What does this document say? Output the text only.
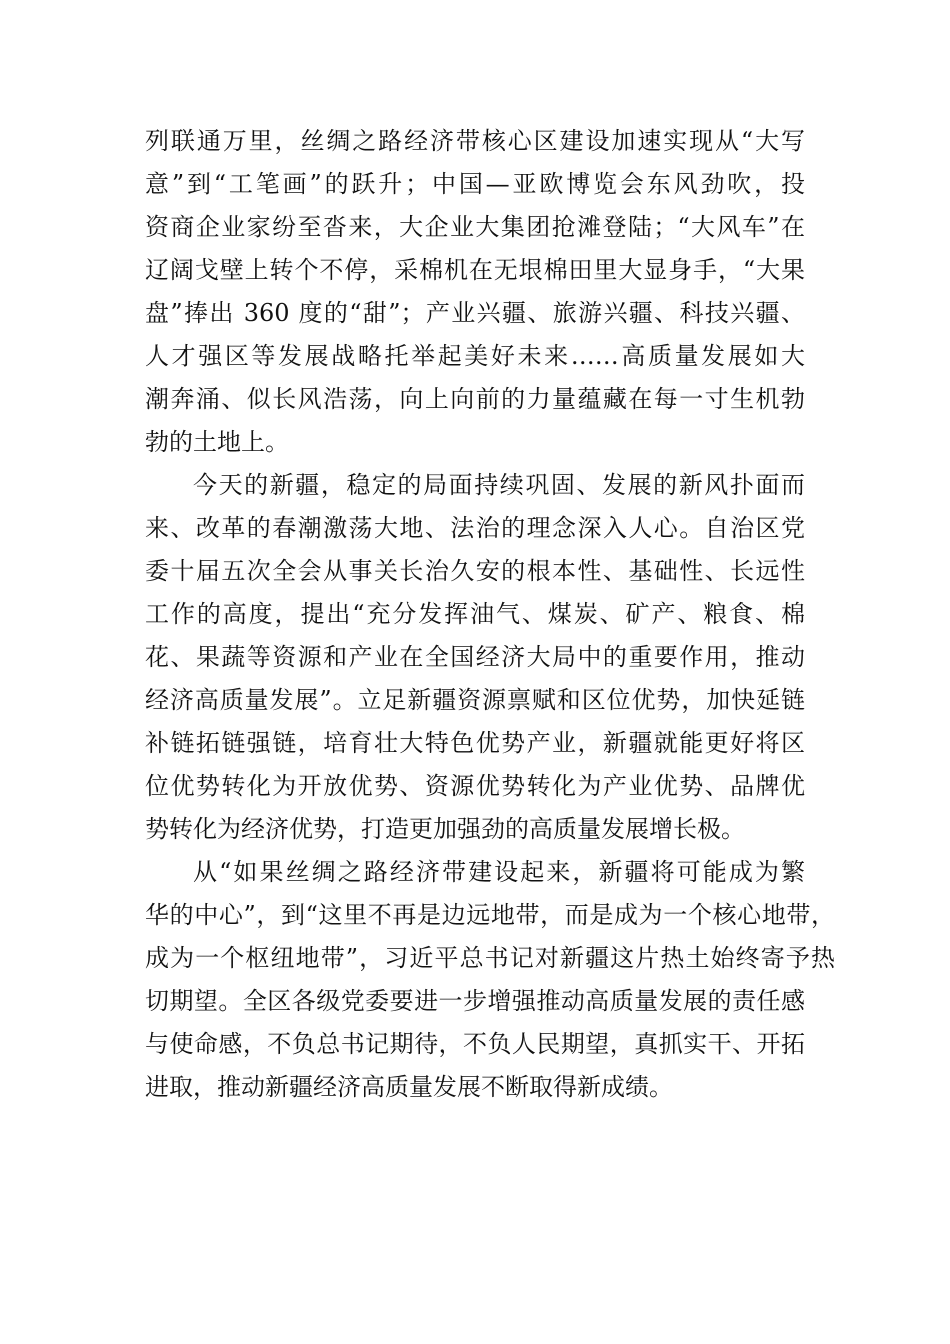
列联通万里，丝绸之路经济带核心区建设加速实现从“大写
意”到“工笔画”的跃升；中国—亚欧博览会东风劲吹，投
资商企业家纷至沓来，大企业大集团抢滩登陆；“大风车”在
辽阔戈壁上转个不停，采棉机在无垠棉田里大显身手，“大果
盘”捧出 360 度的“甜”；产业兴疆、旅游兴疆、科技兴疆、
人才强区等发展战略托举起美好未来……高质量发展如大
潮奔涌、似长风浩荡，向上向前的力量蕴藏在每一寸生机勃
勃的土地上。
今天的新疆，稳定的局面持续巩固、发展的新风扑面而
来、改革的春潮激荡大地、法治的理念深入人心。自治区党
委十届五次全会从事关长治久安的根本性、基础性、长远性
工作的高度，提出“充分发挥油气、煤炭、矿产、粮食、棉
花、果蔬等资源和产业在全国经济大局中的重要作用，推动
经济高质量发展”。立足新疆资源禀赋和区位优势，加快延链
补链拓链强链，培育壮大特色优势产业，新疆就能更好将区
位优势转化为开放优势、资源优势转化为产业优势、品牌优
势转化为经济优势，打造更加强劲的高质量发展增长极。
从“如果丝绸之路经济带建设起来，新疆将可能成为繁
华的中心”，到“这里不再是边远地带，而是成为一个核心地带，
成为一个枢纽地带”，习近平总书记对新疆这片热土始终寄予热
切期望。全区各级党委要进一步增强推动高质量发展的责任感
与使命感，不负总书记期待，不负人民期望，真抓实干、开拓
进取，推动新疆经济高质量发展不断取得新成绩。
